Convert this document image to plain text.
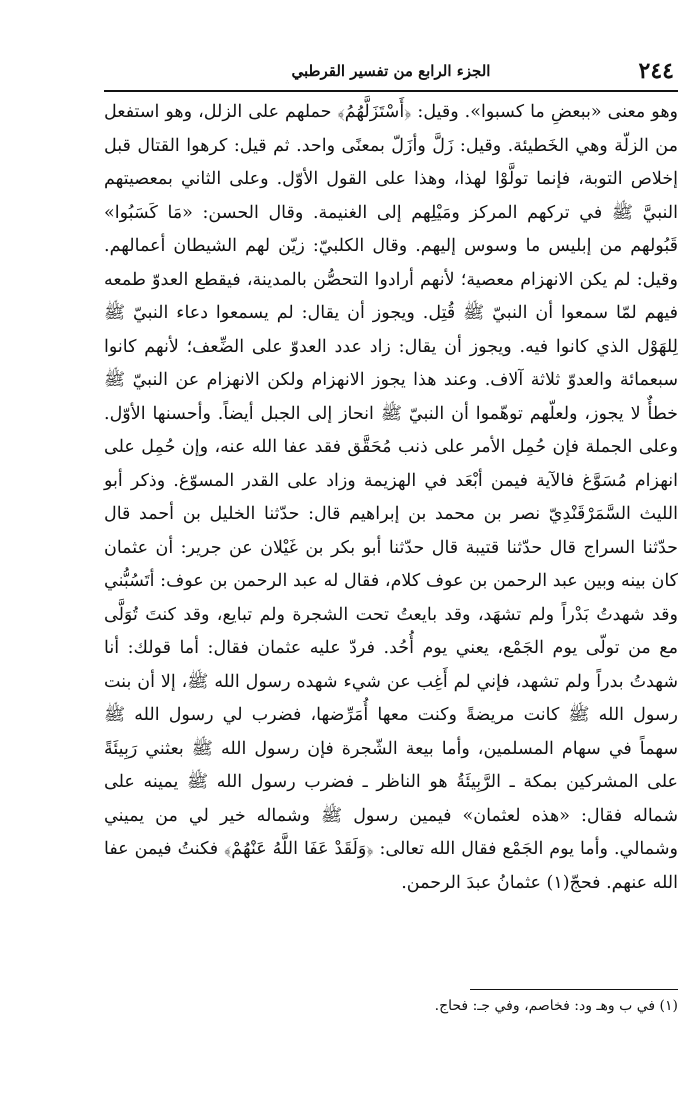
٢٤٤
الجزء الرابع من تفسير القرطبي

وهو معنى «ببعضِ ما كسبوا». وقيل: ﴿أَسْتَزَلَّهُمُ﴾ حملهم على الزلل، وهو استفعل من الزلّة وهي الخَطيئة. وقيل: زَلَّ وأزَلّ بمعنًى واحد. ثم قيل: كرهوا القتال قبل إخلاص التوبة، فإنما تولَّوْا لهذا، وهذا على القول الأوّل. وعلى الثاني بمعصيتهم النبيَّ ﷺ في تركهم المركز ومَيْلِهم إلى الغنيمة. وقال الحسن: «مَا كَسَبُوا» قَبُولهم من إبليس ما وسوس إليهم. وقال الكلبيّ: زيّن لهم الشيطان أعمالهم. وقيل: لم يكن الانهزام معصية؛ لأنهم أرادوا التحصُّن بالمدينة، فيقطع العدوّ طمعه فيهم لمّا سمعوا أن النبيّ ﷺ قُتِل. ويجوز أن يقال: لم يسمعوا دعاء النبيّ ﷺ لِلهَوْل الذي كانوا فيه. ويجوز أن يقال: زاد عدد العدوّ على الضِّعف؛ لأنهم كانوا سبعمائة والعدوّ ثلاثة آلاف. وعند هذا يجوز الانهزام ولكن الانهزام عن النبيّ ﷺ خطأٌ لا يجوز، ولعلّهم توهّموا أن النبيّ ﷺ انحاز إلى الجبل أيضاً. وأحسنها الأوّل. وعلى الجملة فإن حُمِل الأمر على ذنب مُحَقَّق فقد عفا الله عنه، وإن حُمِل على انهزام مُسَوَّغ فالآية فيمن أبْعَد في الهزيمة وزاد على القدر المسوّغ. وذكر أبو الليث السَّمَرْقَنْدِيّ نصر بن محمد بن إبراهيم قال: حدّثنا الخليل بن أحمد قال حدّثنا السراج قال حدّثنا قتيبة قال حدّثنا أبو بكر بن غَيْلان عن جرير: أن عثمان كان بينه وبين عبد الرحمن بن عوف كلام، فقال له عبد الرحمن بن عوف: أتَسُبُّني وقد شهدتُ بَدْراً ولم تشهَد، وقد بايعتُ تحت الشجرة ولم تبايع، وقد كنتَ تُوَلَّى مع من تولّى يوم الجَمْع، يعني يوم أُحُد. فردّ عليه عثمان فقال: أما قولك: أنا شهدتُ بدراً ولم تشهد، فإني لم أَغِب عن شيء شهده رسول الله ﷺ، إلا أن بنت رسول الله ﷺ كانت مريضةً وكنت معها أُمَرِّضها، فضرب لي رسول الله ﷺ سهماً في سهام المسلمين، وأما بيعة الشّجرة فإن رسول الله ﷺ بعثني رَبِيئَةً على المشركين بمكة ـ الرَّبِيئَةُ هو الناظر ـ فضرب رسول الله ﷺ يمينه على شماله فقال: «هذه لعثمان» فيمين رسول ﷺ وشماله خير لي من يميني وشمالي. وأما يوم الجَمْع فقال الله تعالى: ﴿وَلَقَدْ عَفَا اللَّهُ عَنْهُمْ﴾ فكنتُ فيمن عفا الله عنهم. فحجّ(١) عثمانُ عبدَ الرحمن.

(١) في ب وهـ ود: فخاصم، وفي جـ: فحاج.
